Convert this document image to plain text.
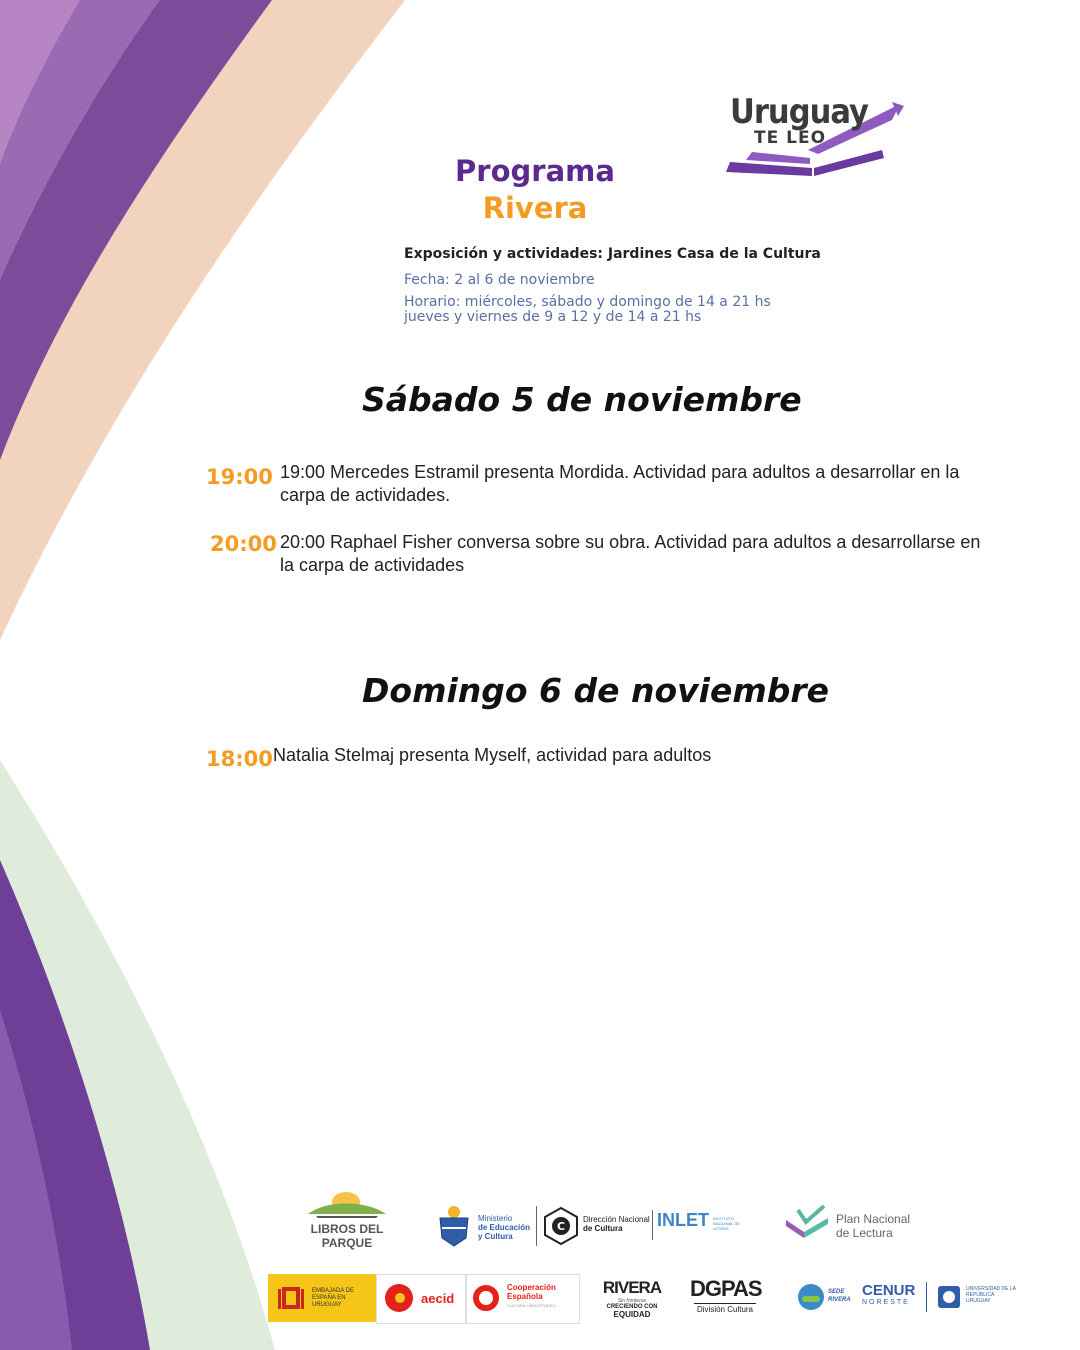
Uruguay
TE LEO
Programa
Rivera
Exposición y actividades: Jardines Casa de la Cultura
Fecha: 2 al 6 de noviembre
Horario: miércoles, sábado y domingo de 14 a 21 hs
jueves y viernes de 9 a 12 y de 14 a 21 hs
Sábado 5 de noviembre
19:00 19:00 Mercedes Estramil presenta Mordida. Actividad para adultos a desarrollar en la carpa de actividades.
20:00 20:00 Raphael Fisher conversa sobre su obra. Actividad para adultos a desarrollarse en la carpa de actividades
Domingo 6 de noviembre
18:00 Natalia Stelmaj presenta Myself, actividad para adultos
LIBROS DEL PARQUE
Ministerio
de Educación
y Cultura
C
Dirección Nacional
de Cultura	INLET INSTITUTO NACIONAL DE LETRAS
Plan Nacional
de Lectura
EMBAJADA DE ESPAÑA EN URUGUAY	aecid
Cooperación
Española
CULTURA / MONTEVIDEO
RIVERA
Sin fronteras
CRECIENDO CON
EQUIDAD
DGPAS
División Cultura
SEDE
RIVERA
CENUR
NORESTE
UNIVERSIDAD DE LA REPÚBLICA URUGUAY
